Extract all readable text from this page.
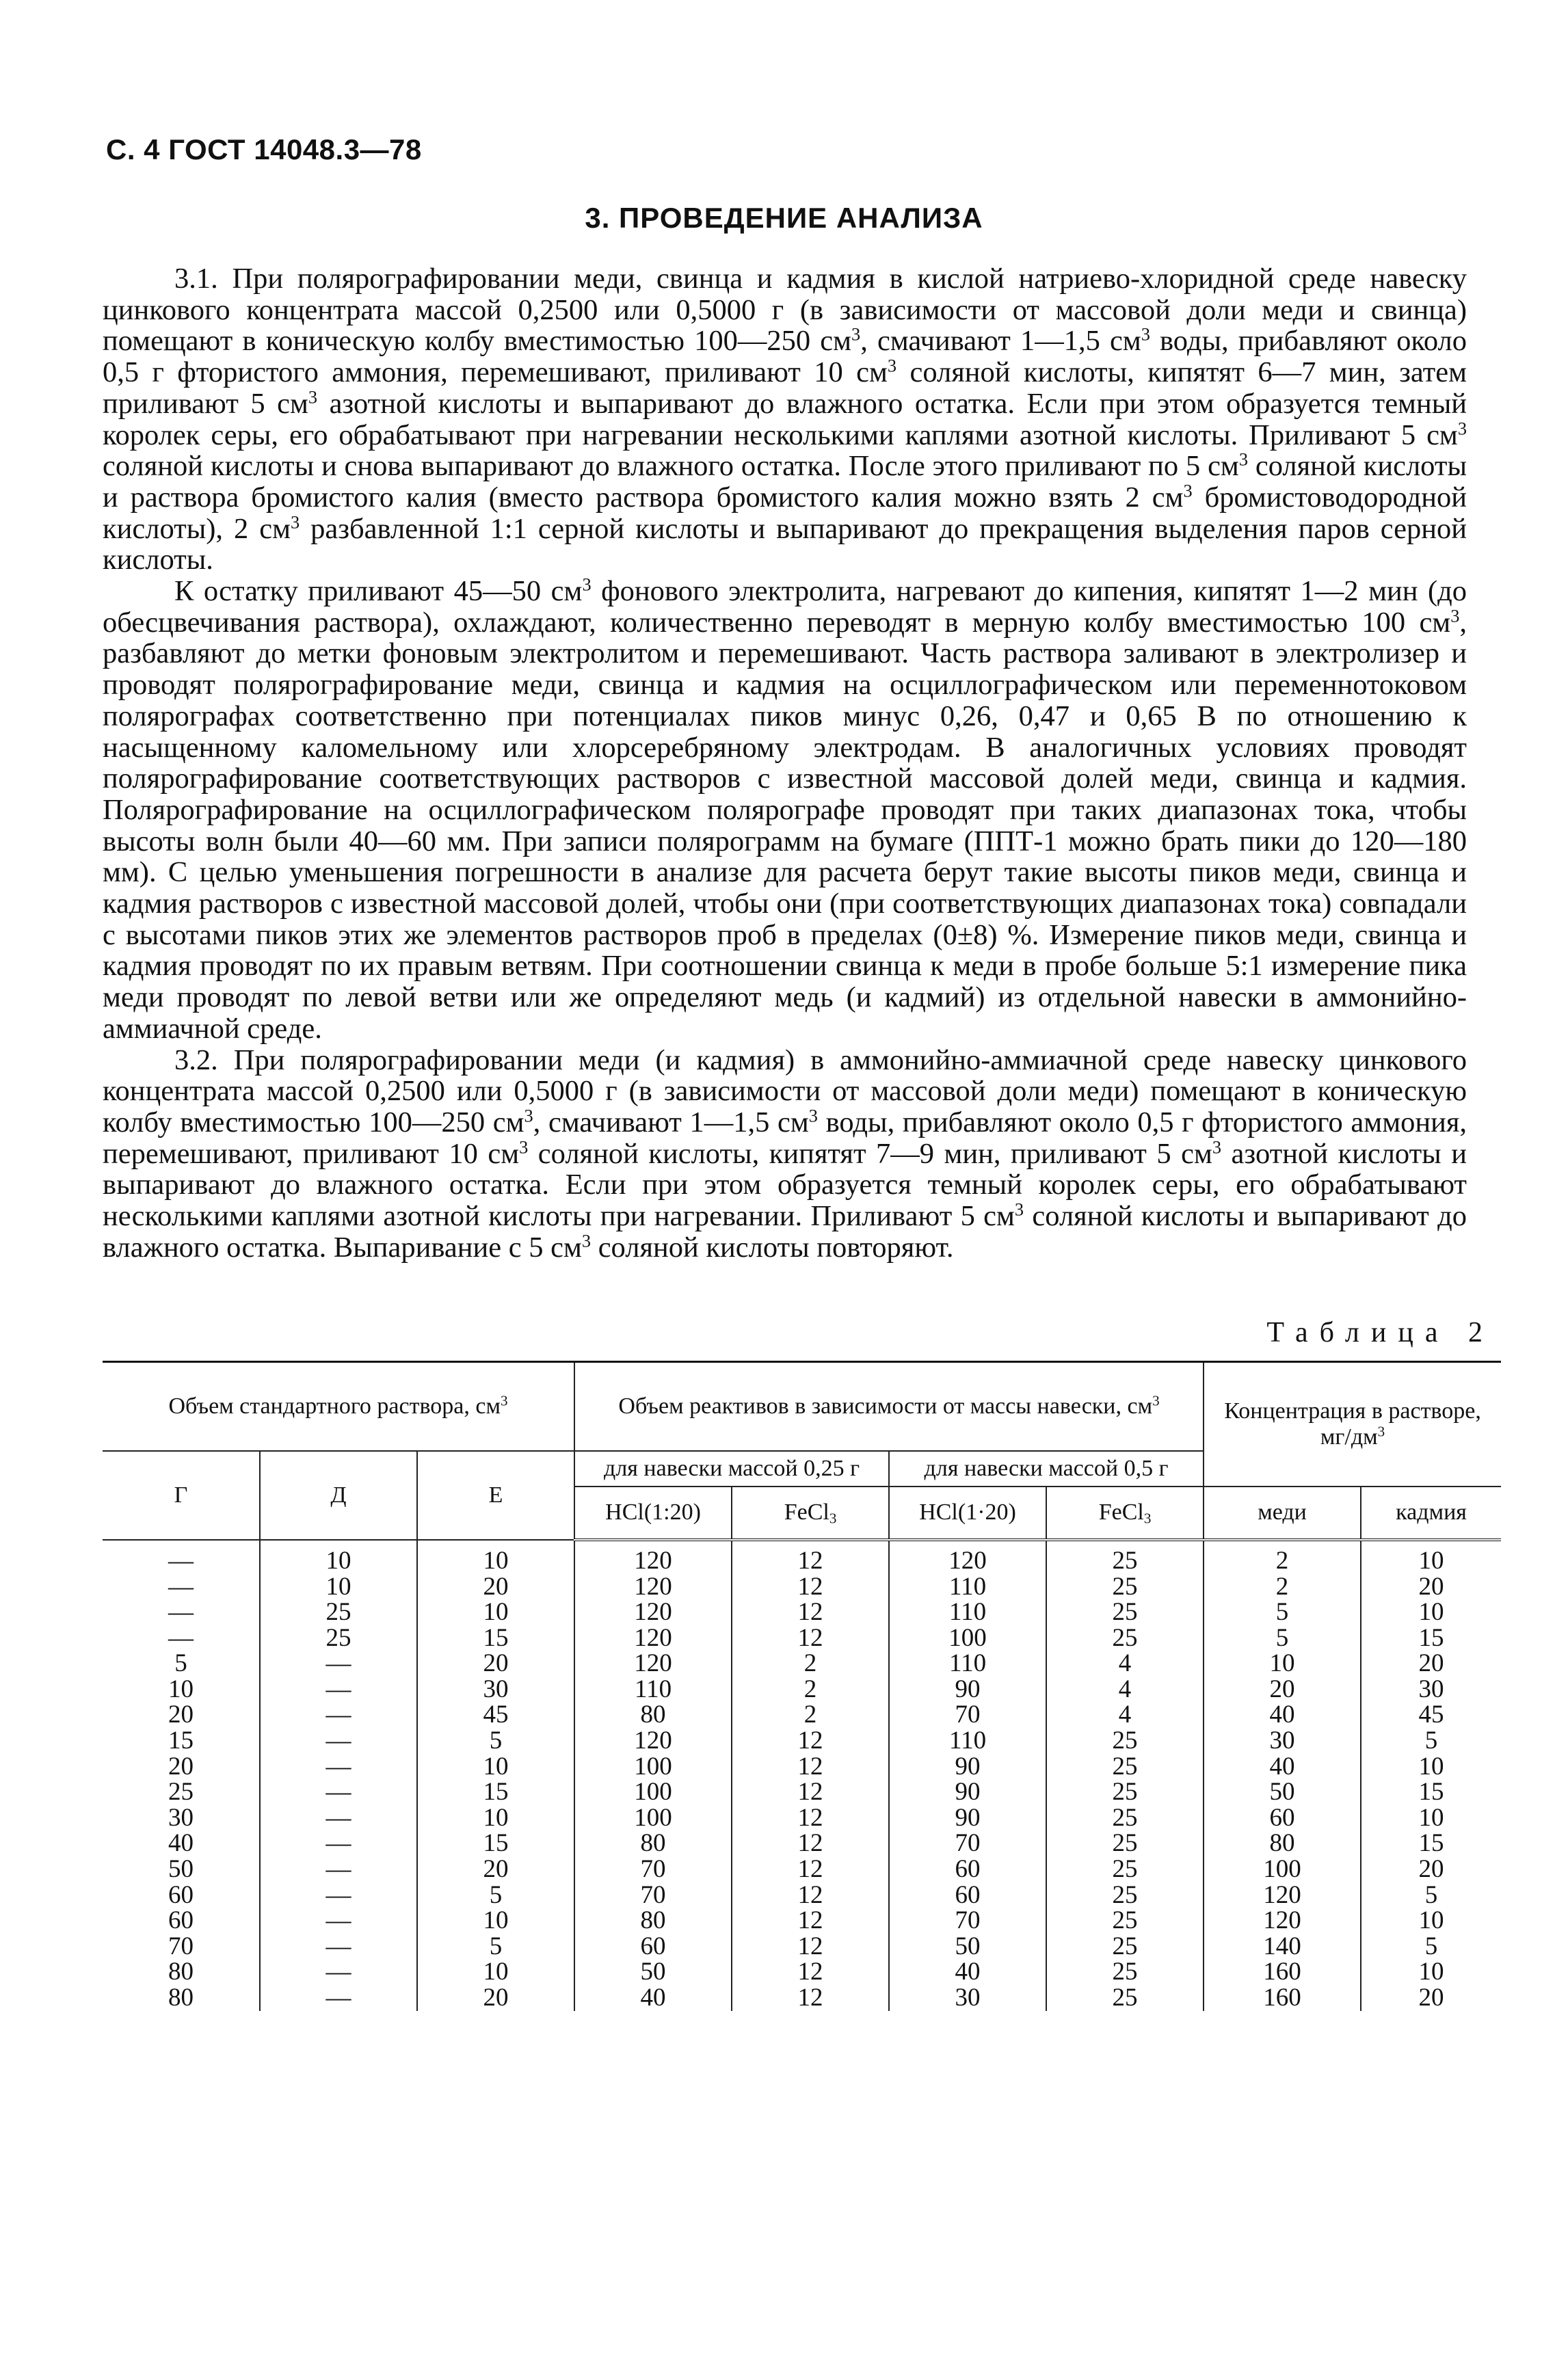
С. 4 ГОСТ 14048.3—78
3. ПРОВЕДЕНИЕ АНАЛИЗА

3.1. При полярографировании меди, свинца и кадмия в кислой натриево-хлоридной среде навеску цинкового концентрата массой 0,2500 или 0,5000 г (в зависимости от массовой доли меди и свинца) помещают в коническую колбу вместимостью 100—250 $см^3$, смачивают 1—1,5 $см^3$ воды, прибавляют около 0,5 г фтористого аммония, перемешивают, приливают 10 $см^3$ соляной кислоты, кипятят 6—7 мин, затем приливают 5 $см^3$ азотной кислоты и выпаривают до влажного остатка. Если при этом образуется темный королек серы, его обрабатывают при нагревании несколькими каплями азотной кислоты. Приливают 5 $см^3$ соляной кислоты и снова выпаривают до влажного остатка. После этого приливают по 5 $см^3$ соляной кислоты и раствора бромистого калия (вместо раствора бромистого калия можно взять 2 $см^3$ бромистоводородной кислоты), 2 $см^3$ разбавленной 1:1 серной кислоты и выпаривают до прекращения выделения паров серной кислоты.

К остатку приливают 45—50 $см^3$ фонового электролита, нагревают до кипения, кипятят 1—2 мин (до обесцвечивания раствора), охлаждают, количественно переводят в мерную колбу вместимостью 100 $см^3$, разбавляют до метки фоновым электролитом и перемешивают. Часть раствора заливают в электролизер и проводят полярографирование меди, свинца и кадмия на осциллографическом или переменнотоковом полярографах соответственно при потенциалах пиков минус 0,26, 0,47 и 0,65 В по отношению к насыщенному каломельному или хлорсеребряному электродам. В аналогичных условиях проводят полярографирование соответствующих растворов с известной массовой долей меди, свинца и кадмия. Полярографирование на осциллографическом полярографе проводят при таких диапазонах тока, чтобы высоты волн были 40—60 мм. При записи полярограмм на бумаге (ППТ-1 можно брать пики до 120—180 мм). С целью уменьшения погрешности в анализе для расчета берут такие высоты пиков меди, свинца и кадмия растворов с известной массовой долей, чтобы они (при соответствующих диапазонах тока) совпадали с высотами пиков этих же элементов растворов проб в пределах (0±8) %. Измерение пиков меди, свинца и кадмия проводят по их правым ветвям. При соотношении свинца к меди в пробе больше 5:1 измерение пика меди проводят по левой ветви или же определяют медь (и кадмий) из отдельной навески в аммонийно-аммиачной среде.

3.2. При полярографировании меди (и кадмия) в аммонийно-аммиачной среде навеску цинкового концентрата массой 0,2500 или 0,5000 г (в зависимости от массовой доли меди) помещают в коническую колбу вместимостью 100—250 $см^3$, смачивают 1—1,5 $см^3$ воды, прибавляют около 0,5 г фтористого аммония, перемешивают, приливают 10 $см^3$ соляной кислоты, кипятят 7—9 мин, приливают 5 $см^3$ азотной кислоты и выпаривают до влажного остатка. Если при этом образуется темный королек серы, его обрабатывают несколькими каплями азотной кислоты при нагревании. Приливают 5 $см^3$ соляной кислоты и выпаривают до влажного остатка. Выпаривание с 5 $см^3$ соляной кислоты повторяют.

Таблица 2
Объем стандартного раствора, $см^3$			Объем реактивов в зависимости от массы навески, $см^3$				Концентрация в растворе, $мг/дм^3$
Г	Д	Е	для навески массой 0,25 г		для навески массой 0,5 г			
			HCl(1:20)	FeCl$_3$	HCl(1·20)	FeCl$_3$	меди	кадмия
—	10	10	120	12	120	25	2	10
—	10	20	120	12	110	25	2	20
—	25	10	120	12	110	25	5	10
—	25	15	120	12	100	25	5	15
5	—	20	120	2	110	4	10	20
10	—	30	110	2	90	4	20	30
20	—	45	80	2	70	4	40	45
15	—	5	120	12	110	25	30	5
20	—	10	100	12	90	25	40	10
25	—	15	100	12	90	25	50	15
30	—	10	100	12	90	25	60	10
40	—	15	80	12	70	25	80	15
50	—	20	70	12	60	25	100	20
60	—	5	70	12	60	25	120	5
60	—	10	80	12	70	25	120	10
70	—	5	60	12	50	25	140	5
80	—	10	50	12	40	25	160	10
80	—	20	40	12	30	25	160	20
